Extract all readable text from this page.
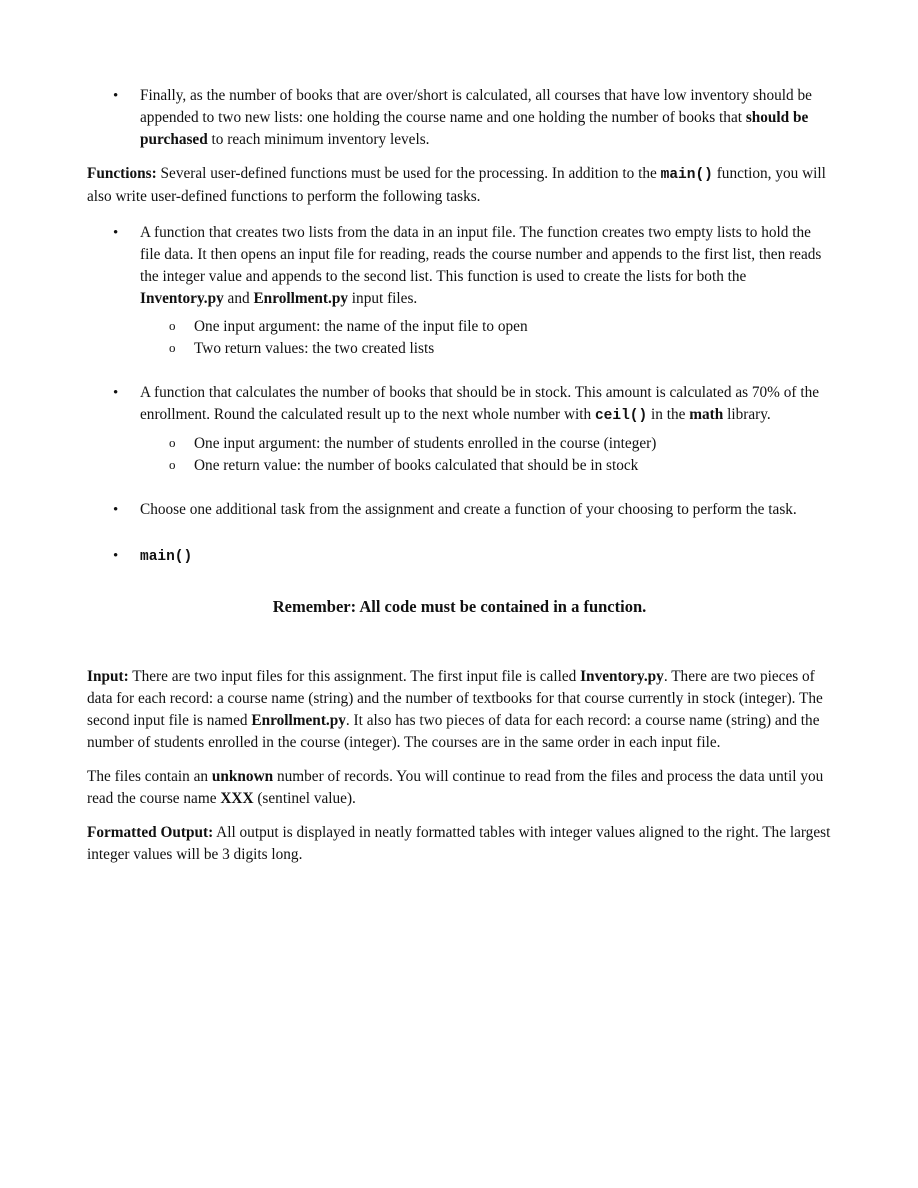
• Finally, as the number of books that are over/short is calculated, all courses that have low inventory should be appended to two new lists: one holding the course name and one holding the number of books that should be purchased to reach minimum inventory levels.

Functions: Several user-defined functions must be used for the processing. In addition to the main() function, you will also write user-defined functions to perform the following tasks.

• A function that creates two lists from the data in an input file. The function creates two empty lists to hold the file data. It then opens an input file for reading, reads the course number and appends to the first list, then reads the integer value and appends to the second list. This function is used to create the lists for both the Inventory.py and Enrollment.py input files.
o One input argument: the name of the input file to open
o Two return values: the two created lists
• A function that calculates the number of books that should be in stock. This amount is calculated as 70% of the enrollment. Round the calculated result up to the next whole number with ceil() in the math library.
o One input argument: the number of students enrolled in the course (integer)
o One return value: the number of books calculated that should be in stock
• Choose one additional task from the assignment and create a function of your choosing to perform the task.
• main()

Remember: All code must be contained in a function.

Input: There are two input files for this assignment. The first input file is called Inventory.py. There are two pieces of data for each record: a course name (string) and the number of textbooks for that course currently in stock (integer). The second input file is named Enrollment.py. It also has two pieces of data for each record: a course name (string) and the number of students enrolled in the course (integer). The courses are in the same order in each input file.

The files contain an unknown number of records. You will continue to read from the files and process the data until you read the course name XXX (sentinel value).

Formatted Output: All output is displayed in neatly formatted tables with integer values aligned to the right. The largest integer values will be 3 digits long.
